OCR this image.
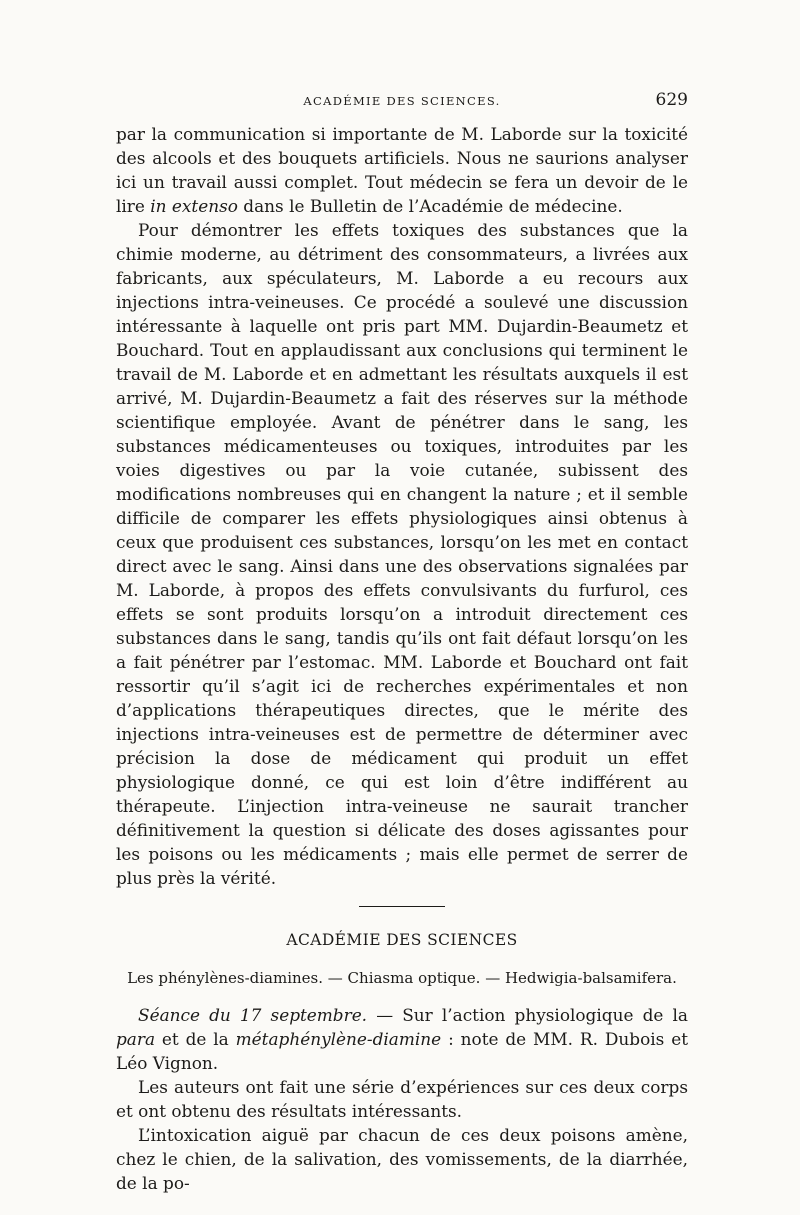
ACADÉMIE DES SCIENCES.	629

par la communication si importante de M. Laborde sur la toxicité des alcools et des bouquets artificiels. Nous ne saurions analyser ici un travail aussi complet. Tout médecin se fera un devoir de le lire in extenso dans le Bulletin de l’Académie de médecine.

Pour démontrer les effets toxiques des substances que la chimie moderne, au détriment des consommateurs, a livrées aux fabricants, aux spéculateurs, M. Laborde a eu recours aux injections intra-veineuses. Ce procédé a soulevé une discussion intéressante à laquelle ont pris part MM. Dujardin-Beaumetz et Bouchard. Tout en applaudissant aux conclusions qui terminent le travail de M. Laborde et en admettant les résultats auxquels il est arrivé, M. Dujardin-Beaumetz a fait des réserves sur la méthode scientifique employée. Avant de pénétrer dans le sang, les substances médicamenteuses ou toxiques, introduites par les voies digestives ou par la voie cutanée, subissent des modifications nombreuses qui en changent la nature ; et il semble difficile de comparer les effets physiologiques ainsi obtenus à ceux que produisent ces substances, lorsqu’on les met en contact direct avec le sang. Ainsi dans une des observations signalées par M. Laborde, à propos des effets convulsivants du furfurol, ces effets se sont produits lorsqu’on a introduit directement ces substances dans le sang, tandis qu’ils ont fait défaut lorsqu’on les a fait pénétrer par l’estomac. MM. Laborde et Bouchard ont fait ressortir qu’il s’agit ici de recherches expérimentales et non d’applications thérapeutiques directes, que le mérite des injections intra-veineuses est de permettre de déterminer avec précision la dose de médicament qui produit un effet physiologique donné, ce qui est loin d’être indifférent au thérapeute. L’injection intra-veineuse ne saurait trancher définitivement la question si délicate des doses agissantes pour les poisons ou les médicaments ; mais elle permet de serrer de plus près la vérité.

ACADÉMIE DES SCIENCES
Les phénylènes-diamines. — Chiasma optique. — Hedwigia-balsamifera.

Séance du 17 septembre. — Sur l’action physiologique de la para et de la métaphénylène-diamine : note de MM. R. Dubois et Léo Vignon.

Les auteurs ont fait une série d’expériences sur ces deux corps et ont obtenu des résultats intéressants.

L’intoxication aiguë par chacun de ces deux poisons amène, chez le chien, de la salivation, des vomissements, de la diarrhée, de la po-
